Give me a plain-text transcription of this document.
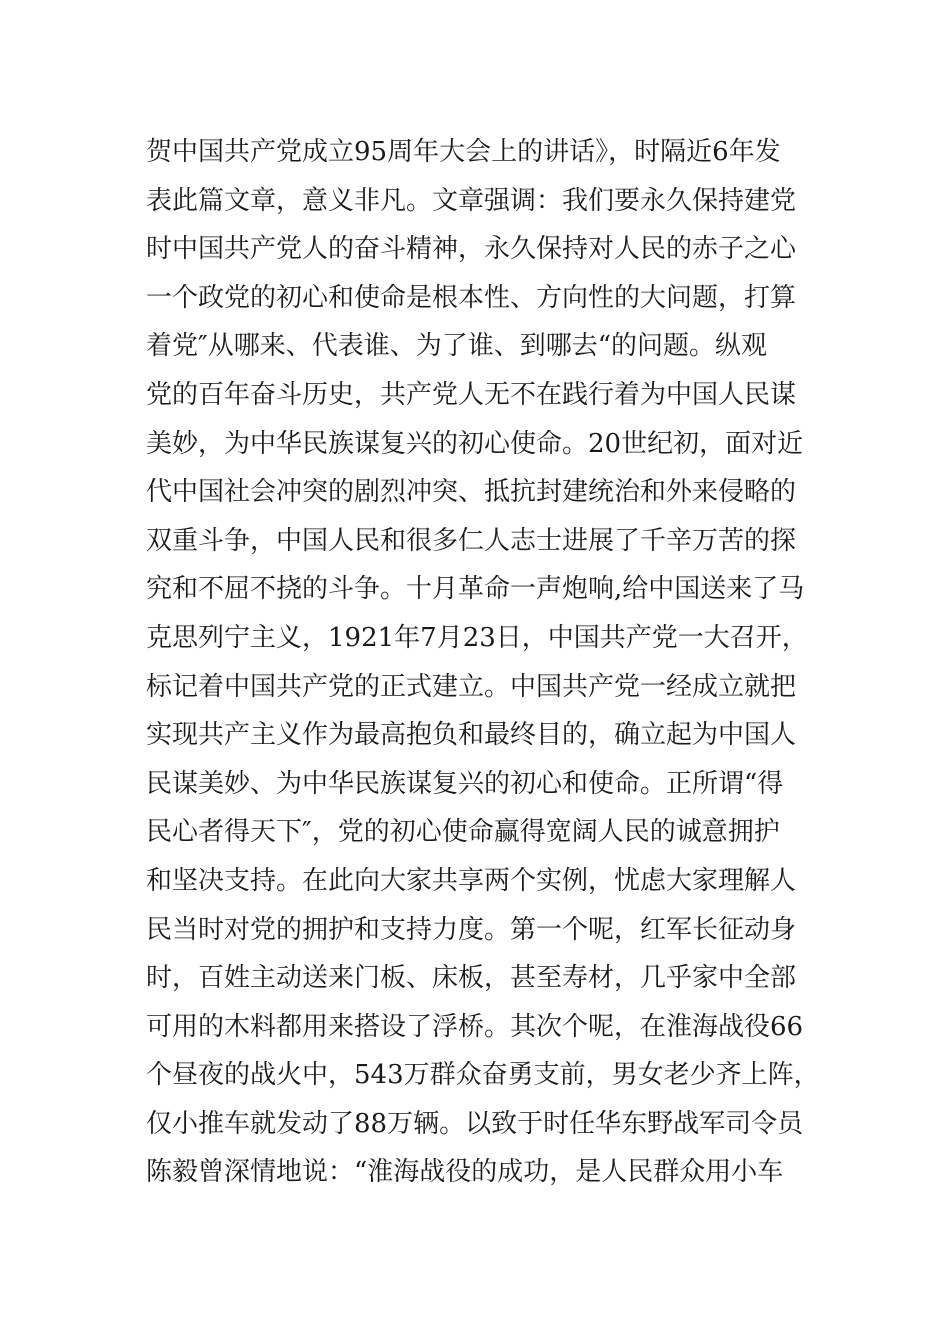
贺中国共产党成立95周年大会上的讲话》，时隔近6年发
表此篇文章，意义非凡。文章强调：我们要永久保持建党
时中国共产党人的奋斗精神，永久保持对人民的赤子之心
一个政党的初心和使命是根本性、方向性的大问题，打算
着党″从哪来、代表谁、为了谁、到哪去“的问题。纵观
党的百年奋斗历史，共产党人无不在践行着为中国人民谋
美妙，为中华民族谋复兴的初心使命。20世纪初，面对近
代中国社会冲突的剧烈冲突、抵抗封建统治和外来侵略的
双重斗争，中国人民和很多仁人志士进展了千辛万苦的探
究和不屈不挠的斗争。十月革命一声炮响,给中国送来了马
克思列宁主义，1921年7月23日，中国共产党一大召开，
标记着中国共产党的正式建立。中国共产党一经成立就把
实现共产主义作为最高抱负和最终目的，确立起为中国人
民谋美妙、为中华民族谋复兴的初心和使命。正所谓“得
民心者得天下″，党的初心使命赢得宽阔人民的诚意拥护
和坚决支持。在此向大家共享两个实例，忧虑大家理解人
民当时对党的拥护和支持力度。第一个呢，红军长征动身
时，百姓主动送来门板、床板，甚至寿材，几乎家中全部
可用的木料都用来搭设了浮桥。其次个呢，在淮海战役66
个昼夜的战火中，543万群众奋勇支前，男女老少齐上阵，
仅小推车就发动了88万辆。以致于时任华东野战军司令员
陈毅曾深情地说：“淮海战役的成功，是人民群众用小车
